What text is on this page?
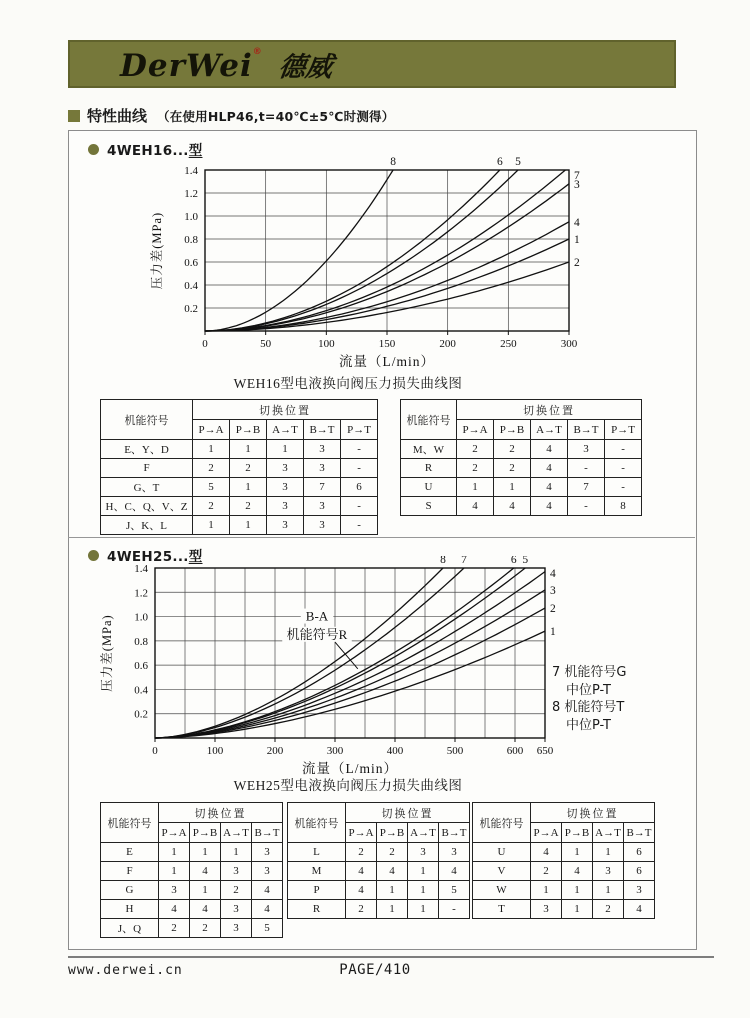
DerWei® 德威
特性曲线 （在使用HLP46,t=40℃±5℃时测得）
4WEH16...型
0	50	100	150	200	250	300
0.2
0.4
0.6
0.8
1.0
1.2
1.4
流量（L/min）
压力差(MPa)
8	6 5
7
3
4
1
2
WEH16型电液换向阀压力损失曲线图
机能符号	切换位置				
	P→A	P→B	A→T	B→T	P→T
E、Y、D	1	1	1	3	-
F	2	2	3	3	-
G、T	5	1	3	7	6
H、C、Q、V、Z	2	2	3	3	-
J、K、L	1	1	3	3	-
机能符号	切换位置				
	P→A	P→B	A→T	B→T	P→T
M、W	2	2	4	3	-
R	2	2	4	-	-
U	1	1	4	7	-
S	4	4	4	-	8
4WEH25...型
0	100	200	300	400	500	600 650
0.2
0.4
0.6
0.8
1.0
1.2
1.4
流量（L/min）
压力差(MPa)
8 7	6 5
4
3
2
1
B-A
机能符号R
7 机能符号G
中位P-T
8 机能符号T
中位P-T
WEH25型电液换向阀压力损失曲线图
机能符号	切换位置			
	P→A	P→B	A→T	B→T
E	1	1	1	3
F	1	4	3	3
G	3	1	2	4
H	4	4	3	4
J、Q	2	2	3	5
机能符号	切换位置			
	P→A	P→B	A→T	B→T
L	2	2	3	3
M	4	4	1	4
P	4	1	1	5
R	2	1	1	-
机能符号	切换位置			
	P→A	P→B	A→T	B→T
U	4	1	1	6
V	2	4	3	6
W	1	1	1	3
T	3	1	2	4
www.derwei.cn	PAGE/410
